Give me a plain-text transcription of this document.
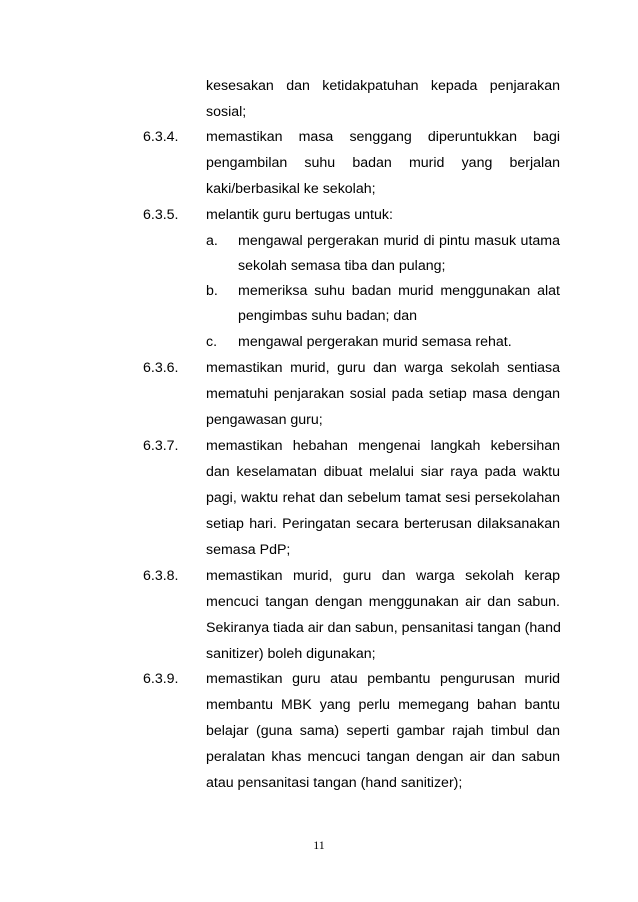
kesesakan dan ketidakpatuhan kepada penjarakan
sosial;
6.3.4. memastikan masa senggang diperuntukkan bagi
pengambilan suhu badan murid yang berjalan
kaki/berbasikal ke sekolah;
6.3.5. melantik guru bertugas untuk:
a. mengawal pergerakan murid di pintu masuk utama
sekolah semasa tiba dan pulang;
b. memeriksa suhu badan murid menggunakan alat
pengimbas suhu badan; dan
c. mengawal pergerakan murid semasa rehat.
6.3.6. memastikan murid, guru dan warga sekolah sentiasa
mematuhi penjarakan sosial pada setiap masa dengan
pengawasan guru;
6.3.7. memastikan hebahan mengenai langkah kebersihan
dan keselamatan dibuat melalui siar raya pada waktu
pagi, waktu rehat dan sebelum tamat sesi persekolahan
setiap hari. Peringatan secara berterusan dilaksanakan
semasa PdP;
6.3.8. memastikan murid, guru dan warga sekolah kerap
mencuci tangan dengan menggunakan air dan sabun.
Sekiranya tiada air dan sabun, pensanitasi tangan (hand
sanitizer) boleh digunakan;
6.3.9. memastikan guru atau pembantu pengurusan murid
membantu MBK yang perlu memegang bahan bantu
belajar (guna sama) seperti gambar rajah timbul dan
peralatan khas mencuci tangan dengan air dan sabun
atau pensanitasi tangan (hand sanitizer);
11
